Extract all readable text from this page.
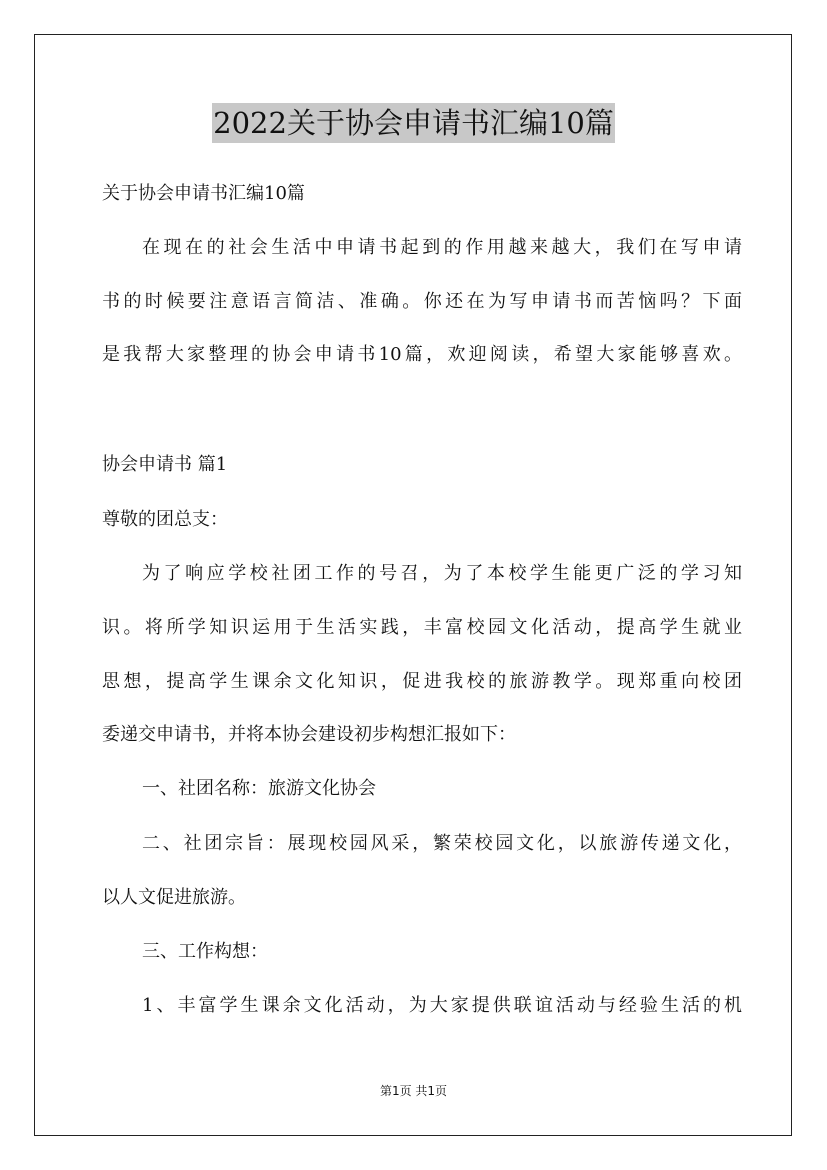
2022关于协会申请书汇编10篇
关于协会申请书汇编10篇
在现在的社会生活中申请书起到的作用越来越大，我们在写申请
书的时候要注意语言简洁、准确。你还在为写申请书而苦恼吗？下面
是我帮大家整理的协会申请书10篇，欢迎阅读，希望大家能够喜欢。
协会申请书 篇1
尊敬的团总支：
为了响应学校社团工作的号召，为了本校学生能更广泛的学习知
识。将所学知识运用于生活实践，丰富校园文化活动，提高学生就业
思想，提高学生课余文化知识，促进我校的旅游教学。现郑重向校团
委递交申请书，并将本协会建设初步构想汇报如下：
一、社团名称：旅游文化协会
二、社团宗旨：展现校园风采，繁荣校园文化，以旅游传递文化，
以人文促进旅游。
三、工作构想：
1、丰富学生课余文化活动，为大家提供联谊活动与经验生活的机
第1页 共1页
